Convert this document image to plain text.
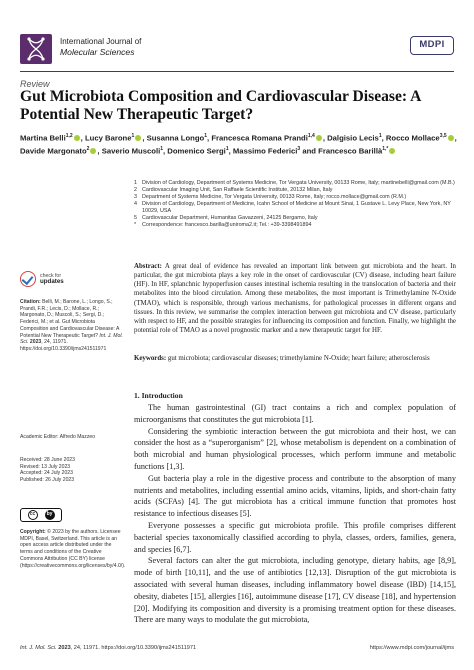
International Journal of
Molecular Sciences
MDPI
Review
Gut Microbiota Composition and Cardiovascular Disease: A Potential New Therapeutic Target?
Martina Belli$^{1,2}$ , Lucy Barone$^1$ , Susanna Longo$^1$, Francesca Romana Prandi$^{1,4}$ , Dalgisio Lecis$^1$, Rocco Mollace$^{3,5}$ , Davide Margonato$^2$ , Saverio Muscoli$^1$, Domenico Sergi$^1$, Massimo Federici$^3$ and Francesco Barillà$^{1,*}$
1 Division of Cardiology, Department of Systems Medicine, Tor Vergata University, 00133 Rome, Italy; martinebelli@gmail.com (M.B.)
2 Cardiovascular Imaging Unit, San Raffaele Scientific Institute, 20132 Milan, Italy
3 Department of Systems Medicine, Tor Vergata University, 00133 Rome, Italy; rocco.mollace@gmail.com (R.M.)
4 Division of Cardiology, Department of Medicine, Icahn School of Medicine at Mount Sinai, 1 Gustave L. Levy Place, New York, NY 10029, USA
5 Cardiovascular Department, Humanitas Gavazzeni, 24125 Bergamo, Italy
*	Correspondence: francesco.barilla@uniroma2.it; Tel.: +39-3398491894
Abstract: A great deal of evidence has revealed an important link between gut microbiota and the heart. In particular, the gut microbiota plays a key role in the onset of cardiovascular (CV) disease, including heart failure (HF). In HF, splanchnic hypoperfusion causes intestinal ischemia resulting in the translocation of bacteria and their metabolites into the blood circulation. Among these metabolites, the most important is Trimethylamine N-Oxide (TMAO), which is responsible, through various mechanisms, for pathological processes in different organs and tissues. In this review, we summarise the complex interaction between gut microbiota and CV disease, particularly with respect to HF, and the possible strategies for influencing its composition and function. Finally, we highlight the potential role of TMAO as a novel prognostic marker and a new therapeutic target for HF.
Keywords: gut microbiota; cardiovascular diseases; trimethylamine N-Oxide; heart failure; atherosclerosis
1. Introduction

The human gastrointestinal (GI) tract contains a rich and complex population of microorganisms that constitutes the gut microbiota [1].

Considering the symbiotic interaction between the gut microbiota and their host, we can consider the host as a “superorganism” [2], whose metabolism is dependent on a combination of both microbial and human physiological processes, which perform immune and metabolic functions [1,3].

Gut bacteria play a role in the digestive process and contribute to the absorption of many nutrients and metabolites, including essential amino acids, vitamins, lipids, and short-chain fatty acids (SCFAs) [4]. The gut microbiota has a critical immune function that promotes host resistance to infectious diseases [5].

Everyone possesses a specific gut microbiota profile. This profile comprises different bacterial species taxonomically classified according to phyla, classes, orders, families, genera, and species [6,7].

Several factors can alter the gut microbiota, including genotype, dietary habits, age [8,9], mode of birth [10,11], and the use of antibiotics [12,13]. Disruption of the gut microbiota is associated with several human diseases, including inflammatory bowel disease (IBD) [14,15], obesity, diabetes [15], allergies [16], autoimmune disease [17], CV disease [18], and hypertension [20]. Modifying its composition and diversity is a promising treatment option for these diseases. There are many ways to modulate the gut microbiota,

check for
updates
Citation: Belli, M.; Barone, L.; Longo, S.; Prandi, F.R.; Lecis, D.; Mollace, R.; Margonato, D.; Muscoli, S.; Sergi, D.; Federici, M.; et al. Gut Microbiota Composition and Cardiovascular Disease: A Potential New Therapeutic Target? Int. J. Mol. Sci. 2023, 24, 11971. https://doi.org/10.3390/ijms241511971
Academic Editor: Alfredo Mazzeo
Received: 28 June 2023
Revised: 13 July 2023
Accepted: 24 July 2023
Published: 26 July 2023
cc	by
Copyright: © 2023 by the authors. Licensee MDPI, Basel, Switzerland. This article is an open access article distributed under the terms and conditions of the Creative Commons Attribution (CC BY) license (https://creativecommons.org/licenses/by/4.0/).
Int. J. Mol. Sci. 2023, 24, 11971. https://doi.org/10.3390/ijms241511971	https://www.mdpi.com/journal/ijms
